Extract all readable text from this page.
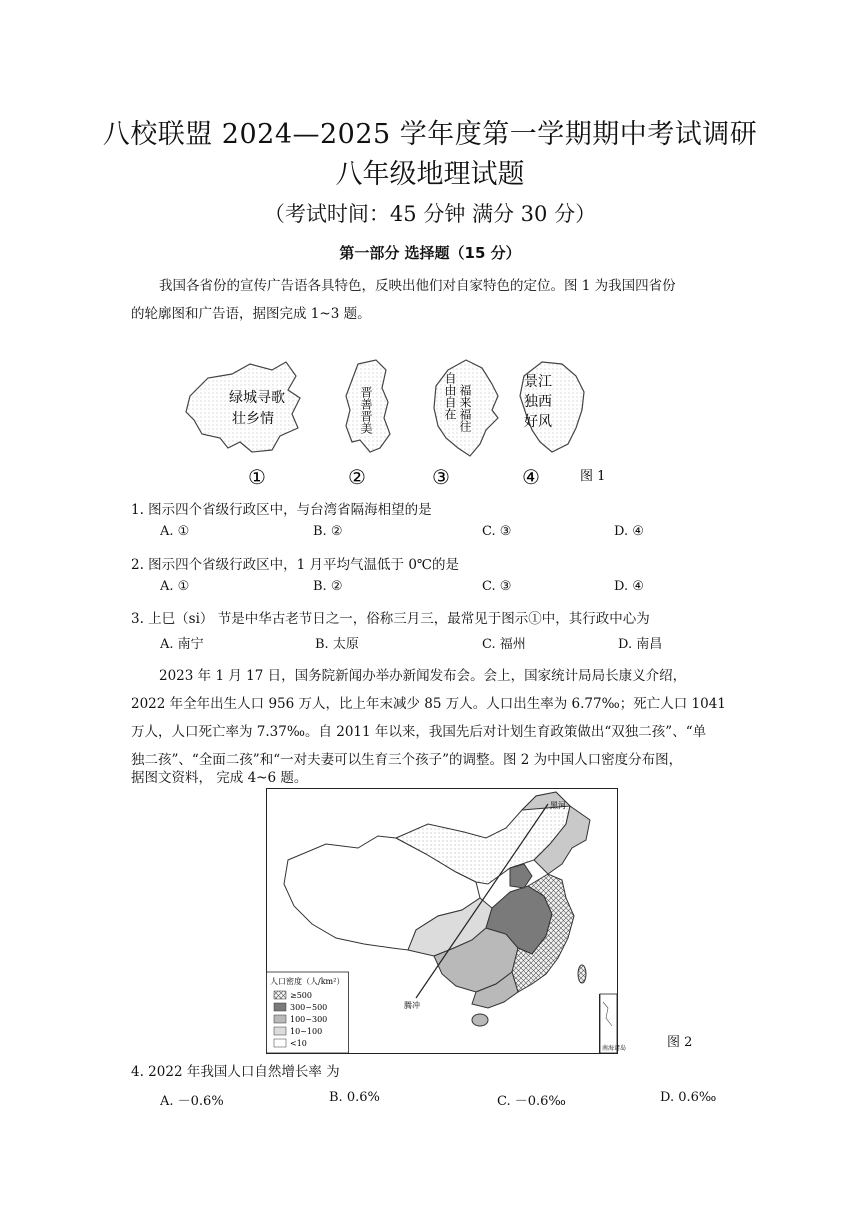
八校联盟 2024—2025 学年度第一学期期中考试调研
八年级地理试题
（考试时间：45 分钟 满分 30 分）
第一部分 选择题（15 分）
我国各省份的宣传广告语各具特色，反映出他们对自家特色的定位。图 1 为我国四省份
的轮廓图和广告语，据图完成 1~3 题。
绿城寻歌
壮乡情	晋善晋美	自由自在 福来福往
景江
独西
好风
①	②	③	④	图 1
1. 图示四个省级行政区中，与台湾省隔海相望的是
A. ①	B. ②	C. ③	D. ④
2. 图示四个省级行政区中，1 月平均气温低于 0℃的是
A. ①	B. ②	C. ③	D. ④
3. 上巳（si） 节是中华古老节日之一，俗称三月三，最常见于图示①中，其行政中心为
A. 南宁	B. 太原	C. 福州	D. 南昌
2023 年 1 月 17 日，国务院新闻办举办新闻发布会。会上，国家统计局局长康义介绍，
2022 年全年出生人口 956 万人，比上年末减少 85 万人。人口出生率为 6.77‰；死亡人口 1041
万人，人口死亡率为 7.37‰。自 2011 年以来，我国先后对计划生育政策做出“双独二孩”、“单
独二孩”、“全面二孩”和“一对夫妻可以生育三个孩子”的调整。图 2 为中国人口密度分布图，
据图文资料， 完成 4~6 题。
黑河
腾冲
人口密度（人/km²）
≥500
300~500
100~300
10~100
<10
南海诸岛	图 2
4. 2022 年我国人口自然增长率 为
A. －0.6%	B. 0.6%	C. －0.6‰	D. 0.6‰
